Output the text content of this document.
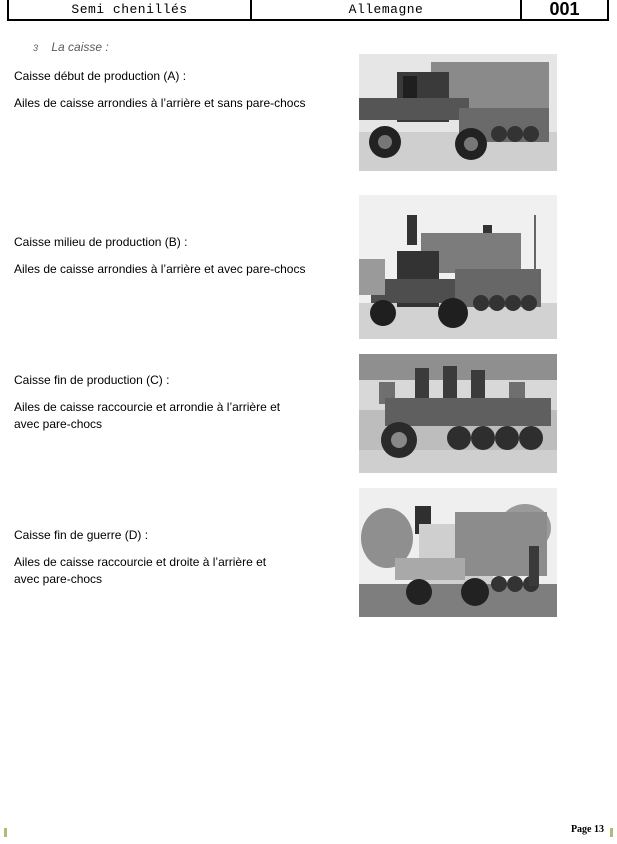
Semi chenillés	Allemagne	001
3 La caisse :

Caisse début de production (A) :

Ailes de caisse arrondies à l’arrière et sans pare-chocs

Caisse milieu de production (B) :

Ailes de caisse arrondies à l’arrière et avec pare-chocs

Caisse fin de production (C) :

Ailes de caisse raccourcie et arrondie à l’arrière et
avec pare-chocs

Caisse fin de guerre (D) :

Ailes de caisse raccourcie et droite à l’arrière et
avec pare-chocs

Page 13
